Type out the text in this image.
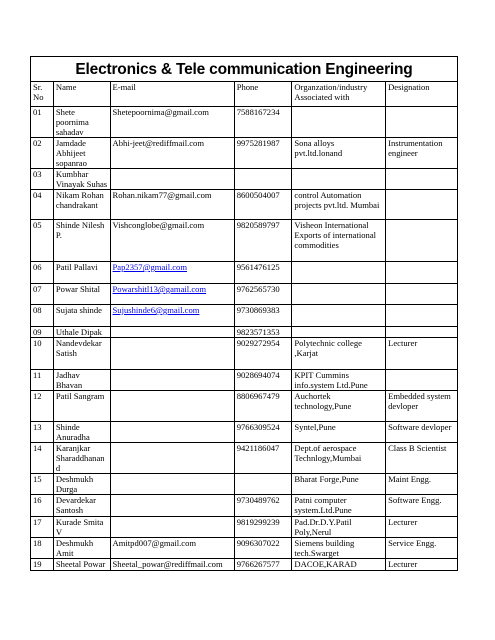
Electronics & Tele communication Engineering
Sr. No	Name	E-mail	Phone	Organzation/industry Associated with	Designation
01	Shete poornima sahadav	Shetepoornima@gmail.com	7588167234		
02	Jamdade Abhijeet sopanrao	Abhi-jeet@rediffmail.com	9975281987	Sona alloys pvt.ltd.lonand	Instrumentation engineer
03	Kumbhar Vinayak Suhas				
04	Nikam Rohan chandrakant	Rohan.nikam77@gmail.com	8600504007	control Automation projects pvt.ltd. Mumbai	
05	Shinde Nilesh P.	Vishconglobe@gmail.com	9820589797	Visheon International Exports of international commodities	
06	Patil Pallavi	Pap2357@gmail.com	9561476125		
07	Powar Shital	Powarshitl13@gamail.com	9762565730		
08	Sujata shinde	Sujushinde6@gmail.com	9730869383		
09	Uthale Dipak		9823571353		
10	Nandevdekar Satish		9029272954	Polytechnic college ,Karjat	Lecturer
11	Jadhav Bhavan		9028694074	KPIT Cummins info.system Ltd.Pune	
12	Patil Sangram		8806967479	Auchortek technology,Pune	Embedded system devloper
13	Shinde Anuradha		9766309524	Syntel,Pune	Software devloper
14	Karanjkar Sharaddhanand		9421186047	Dept.of aerospace Technlogy,Mumbai	Class B Scientist
15	Deshmukh Durga			Bharat Forge,Pune	Maint Engg.
16	Devardekar Santosh		9730489762	Patni computer system.Ltd.Pune	Software Engg.
17	Kurade Smita V		9819299239	Pad.Dr.D.Y.Patil Poly,Nerul	Lecturer
18	Deshmukh Amit	Amitpd007@gmail.com	9096307022	Siemens building tech.Swarget	Service Engg.
19	Sheetal Powar	Sheetal_powar@rediffmail.com	9766267577	DACOE,KARAD	Lecturer
